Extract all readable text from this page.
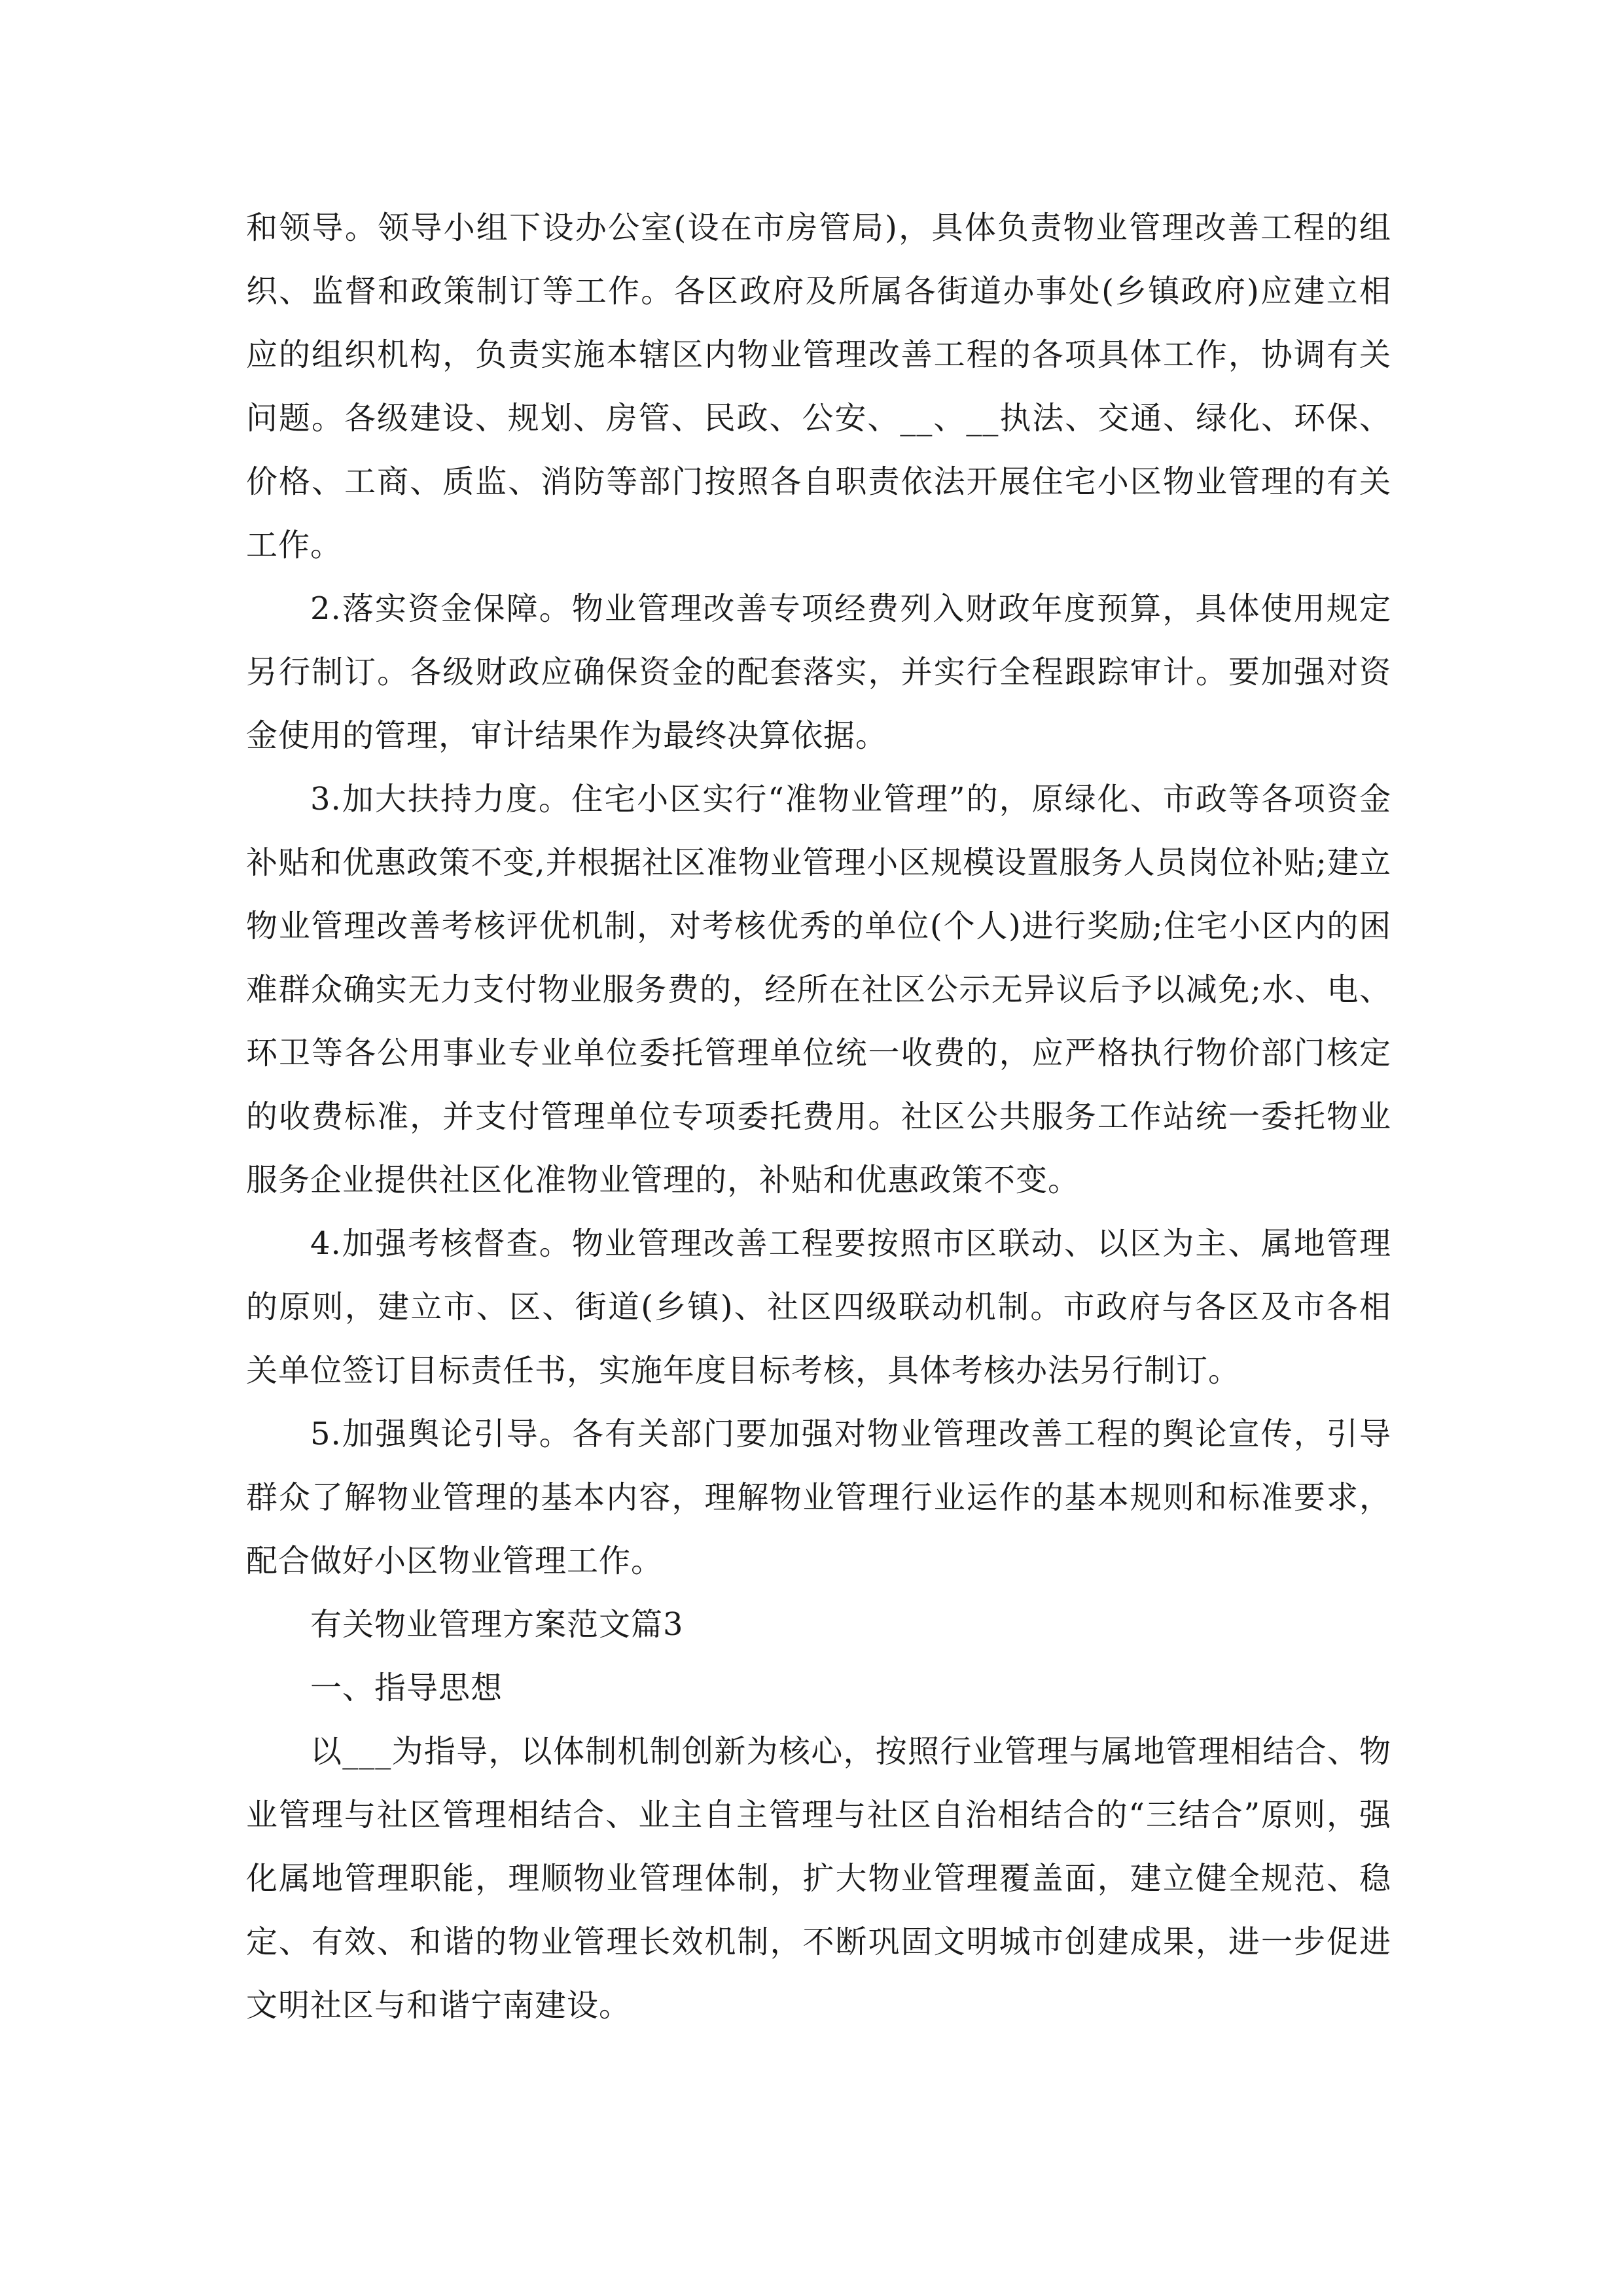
和领导。领导小组下设办公室(设在市房管局)，具体负责物业管理改善工程的组织、监督和政策制订等工作。各区政府及所属各街道办事处(乡镇政府)应建立相应的组织机构，负责实施本辖区内物业管理改善工程的各项具体工作，协调有关问题。各级建设、规划、房管、民政、公安、__、__执法、交通、绿化、环保、价格、工商、质监、消防等部门按照各自职责依法开展住宅小区物业管理的有关工作。

2.落实资金保障。物业管理改善专项经费列入财政年度预算，具体使用规定另行制订。各级财政应确保资金的配套落实，并实行全程跟踪审计。要加强对资金使用的管理，审计结果作为最终决算依据。

3.加大扶持力度。住宅小区实行“准物业管理”的，原绿化、市政等各项资金补贴和优惠政策不变,并根据社区准物业管理小区规模设置服务人员岗位补贴;建立物业管理改善考核评优机制，对考核优秀的单位(个人)进行奖励;住宅小区内的困难群众确实无力支付物业服务费的，经所在社区公示无异议后予以减免;水、电、环卫等各公用事业专业单位委托管理单位统一收费的，应严格执行物价部门核定的收费标准，并支付管理单位专项委托费用。社区公共服务工作站统一委托物业服务企业提供社区化准物业管理的，补贴和优惠政策不变。

4.加强考核督查。物业管理改善工程要按照市区联动、以区为主、属地管理的原则，建立市、区、街道(乡镇)、社区四级联动机制。市政府与各区及市各相关单位签订目标责任书，实施年度目标考核，具体考核办法另行制订。

5.加强舆论引导。各有关部门要加强对物业管理改善工程的舆论宣传，引导群众了解物业管理的基本内容，理解物业管理行业运作的基本规则和标准要求，配合做好小区物业管理工作。

有关物业管理方案范文篇3

一、指导思想

以___为指导，以体制机制创新为核心，按照行业管理与属地管理相结合、物业管理与社区管理相结合、业主自主管理与社区自治相结合的“三结合”原则，强化属地管理职能，理顺物业管理体制，扩大物业管理覆盖面，建立健全规范、稳定、有效、和谐的物业管理长效机制，不断巩固文明城市创建成果，进一步促进文明社区与和谐宁南建设。
